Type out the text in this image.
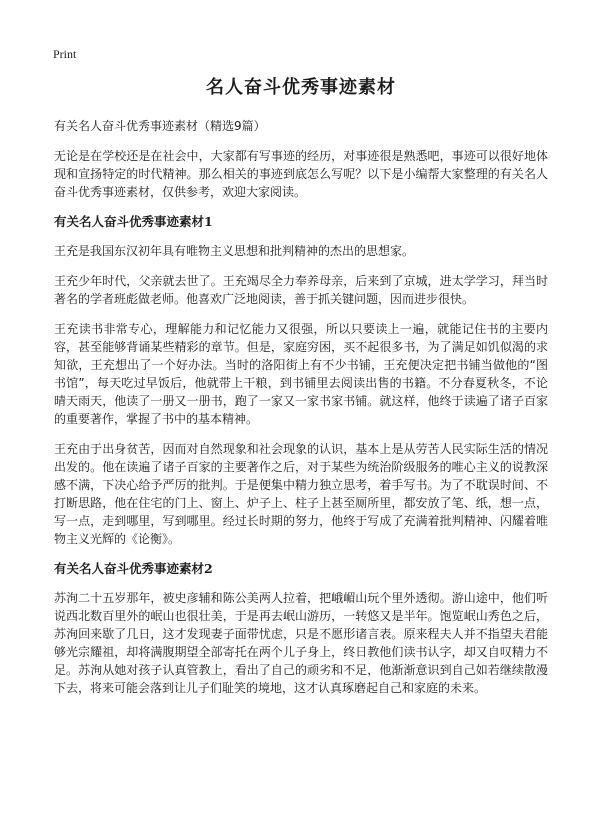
Print
名人奋斗优秀事迹素材
有关名人奋斗优秀事迹素材（精选9篇）

无论是在学校还是在社会中，大家都有写事迹的经历，对事迹很是熟悉吧，事迹可以很好地体现和宣扬特定的时代精神。那么相关的事迹到底怎么写呢？以下是小编帮大家整理的有关名人奋斗优秀事迹素材，仅供参考，欢迎大家阅读。

有关名人奋斗优秀事迹素材1

王充是我国东汉初年具有唯物主义思想和批判精神的杰出的思想家。

王充少年时代，父亲就去世了。王充竭尽全力奉养母亲，后来到了京城，进太学学习，拜当时著名的学者班彪做老师。他喜欢广泛地阅读，善于抓关键问题，因而进步很快。

王充读书非常专心，理解能力和记忆能力又很强，所以只要读上一遍，就能记住书的主要内容，甚至能够背诵某些精彩的章节。但是，家庭穷困，买不起很多书，为了满足如饥似渴的求知欲，王充想出了一个好办法。当时的洛阳街上有不少书铺，王充便决定把书铺当做他的“图书馆”，每天吃过早饭后，他就带上干粮，到书铺里去阅读出售的书籍。不分春夏秋冬，不论晴天雨天，他读了一册又一册书，跑了一家又一家书家书铺。就这样，他终于读遍了诸子百家的重要著作，掌握了书中的基本精神。

王充由于出身贫苦，因而对自然现象和社会现象的认识，基本上是从劳苦人民实际生活的情况出发的。他在读遍了诸子百家的主要著作之后，对于某些为统治阶级服务的唯心主义的说教深感不满，下决心给予严厉的批判。于是便集中精力独立思考，着手写书。为了不耽误时间、不打断思路，他在住宅的门上、窗上、炉子上、柱子上甚至厕所里，都安放了笔、纸，想一点，写一点，走到哪里，写到哪里。经过长时期的努力，他终于写成了充满着批判精神、闪耀着唯物主义光辉的《论衡》。

有关名人奋斗优秀事迹素材2

苏洵二十五岁那年，被史彦辅和陈公美两人拉着，把峨嵋山玩个里外透彻。游山途中，他们听说西北数百里外的岷山也很壮美，于是再去岷山游历，一转悠又是半年。饱览岷山秀色之后，苏洵回来歇了几日，这才发现妻子面带忧虑，只是不愿形诸言表。原来程夫人并不指望夫君能够光宗耀祖，却将满腹期望全部寄托在两个儿子身上，终日教他们读书认字，却又自叹精力不足。苏洵从她对孩子认真管教上，看出了自己的顽劣和不足，他渐渐意识到自己如若继续散漫下去，将来可能会落到让儿子们耻笑的境地，这才认真琢磨起自己和家庭的未来。
